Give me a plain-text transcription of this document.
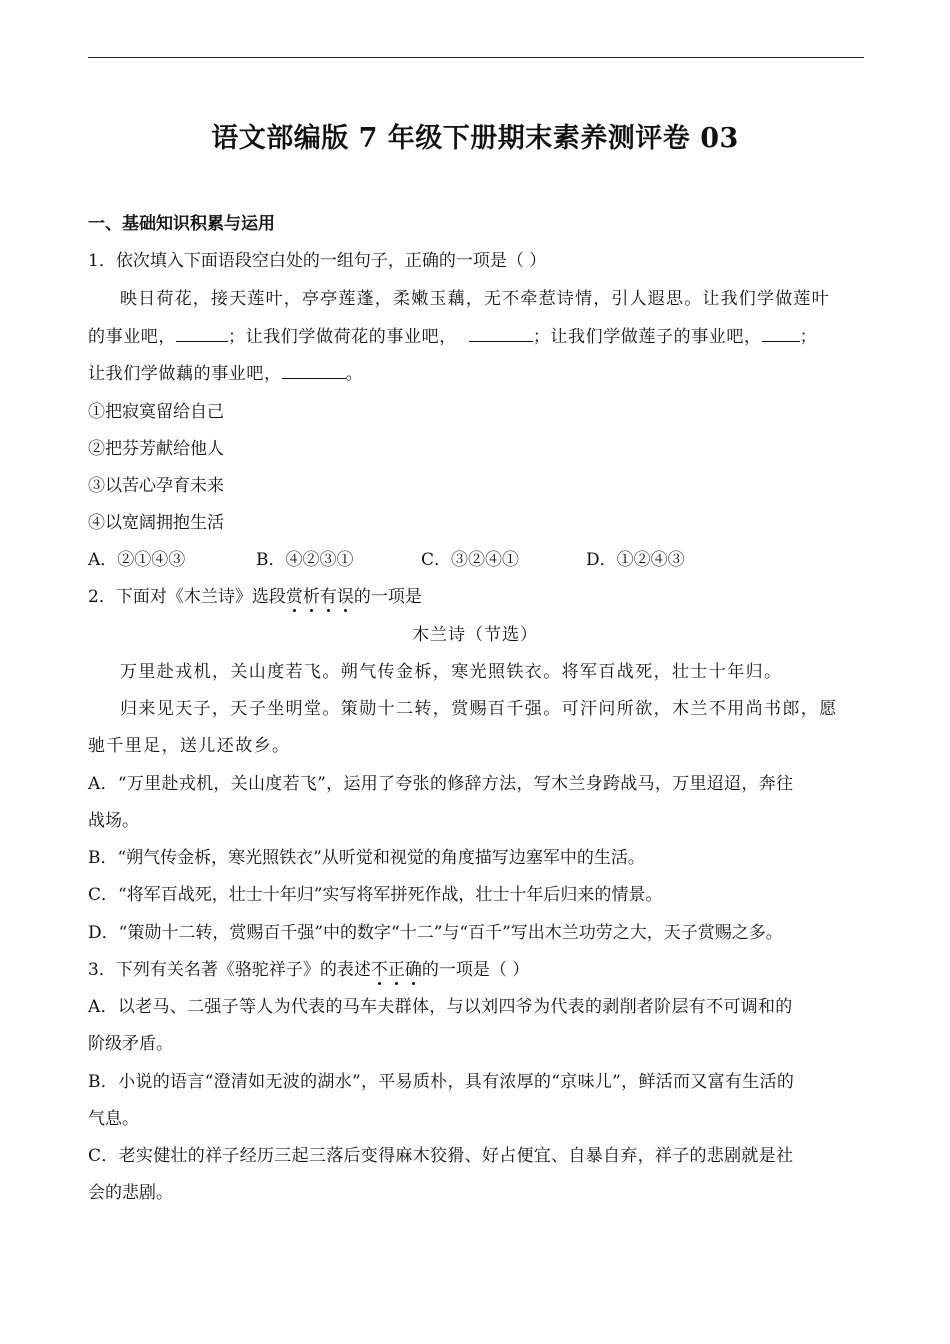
语文部编版 7 年级下册期末素养测评卷 03
一、基础知识积累与运用
1．依次填入下面语段空白处的一组句子，正确的一项是（ ）
映日荷花，接天莲叶，亭亭莲蓬，柔嫩玉藕，无不牵惹诗情，引人遐思。让我们学做莲叶
的事业吧，	；让我们学做荷花的事业吧，	；让我们学做莲子的事业吧， ；
让我们学做藕的事业吧，	。
①把寂寞留给自己
②把芬芳献给他人
③以苦心孕育未来
④以宽阔拥抱生活
A．②①④③	B．④②③①	C．③②④①	D．①②④③
2．下面对《木兰诗》选段赏析有误的一项是
木兰诗（节选）
万里赴戎机，关山度若飞。朔气传金柝，寒光照铁衣。将军百战死，壮士十年归。
归来见天子，天子坐明堂。策勋十二转，赏赐百千强。可汗问所欲，木兰不用尚书郎，愿
驰千里足，送儿还故乡。
A．“万里赴戎机，关山度若飞”，运用了夸张的修辞方法，写木兰身跨战马，万里迢迢，奔往
战场。
B．“朔气传金柝，寒光照铁衣”从听觉和视觉的角度描写边塞军中的生活。
C．“将军百战死，壮士十年归”实写将军拼死作战，壮士十年后归来的情景。
D．“策勋十二转，赏赐百千强”中的数字“十二”与“百千”写出木兰功劳之大，天子赏赐之多。
3．下列有关名著《骆驼祥子》的表述不正确的一项是（ ）
A．以老马、二强子等人为代表的马车夫群体，与以刘四爷为代表的剥削者阶层有不可调和的
阶级矛盾。
B．小说的语言“澄清如无波的湖水”，平易质朴，具有浓厚的“京味儿”，鲜活而又富有生活的
气息。
C．老实健壮的祥子经历三起三落后变得麻木狡猾、好占便宜、自暴自弃，祥子的悲剧就是社
会的悲剧。
